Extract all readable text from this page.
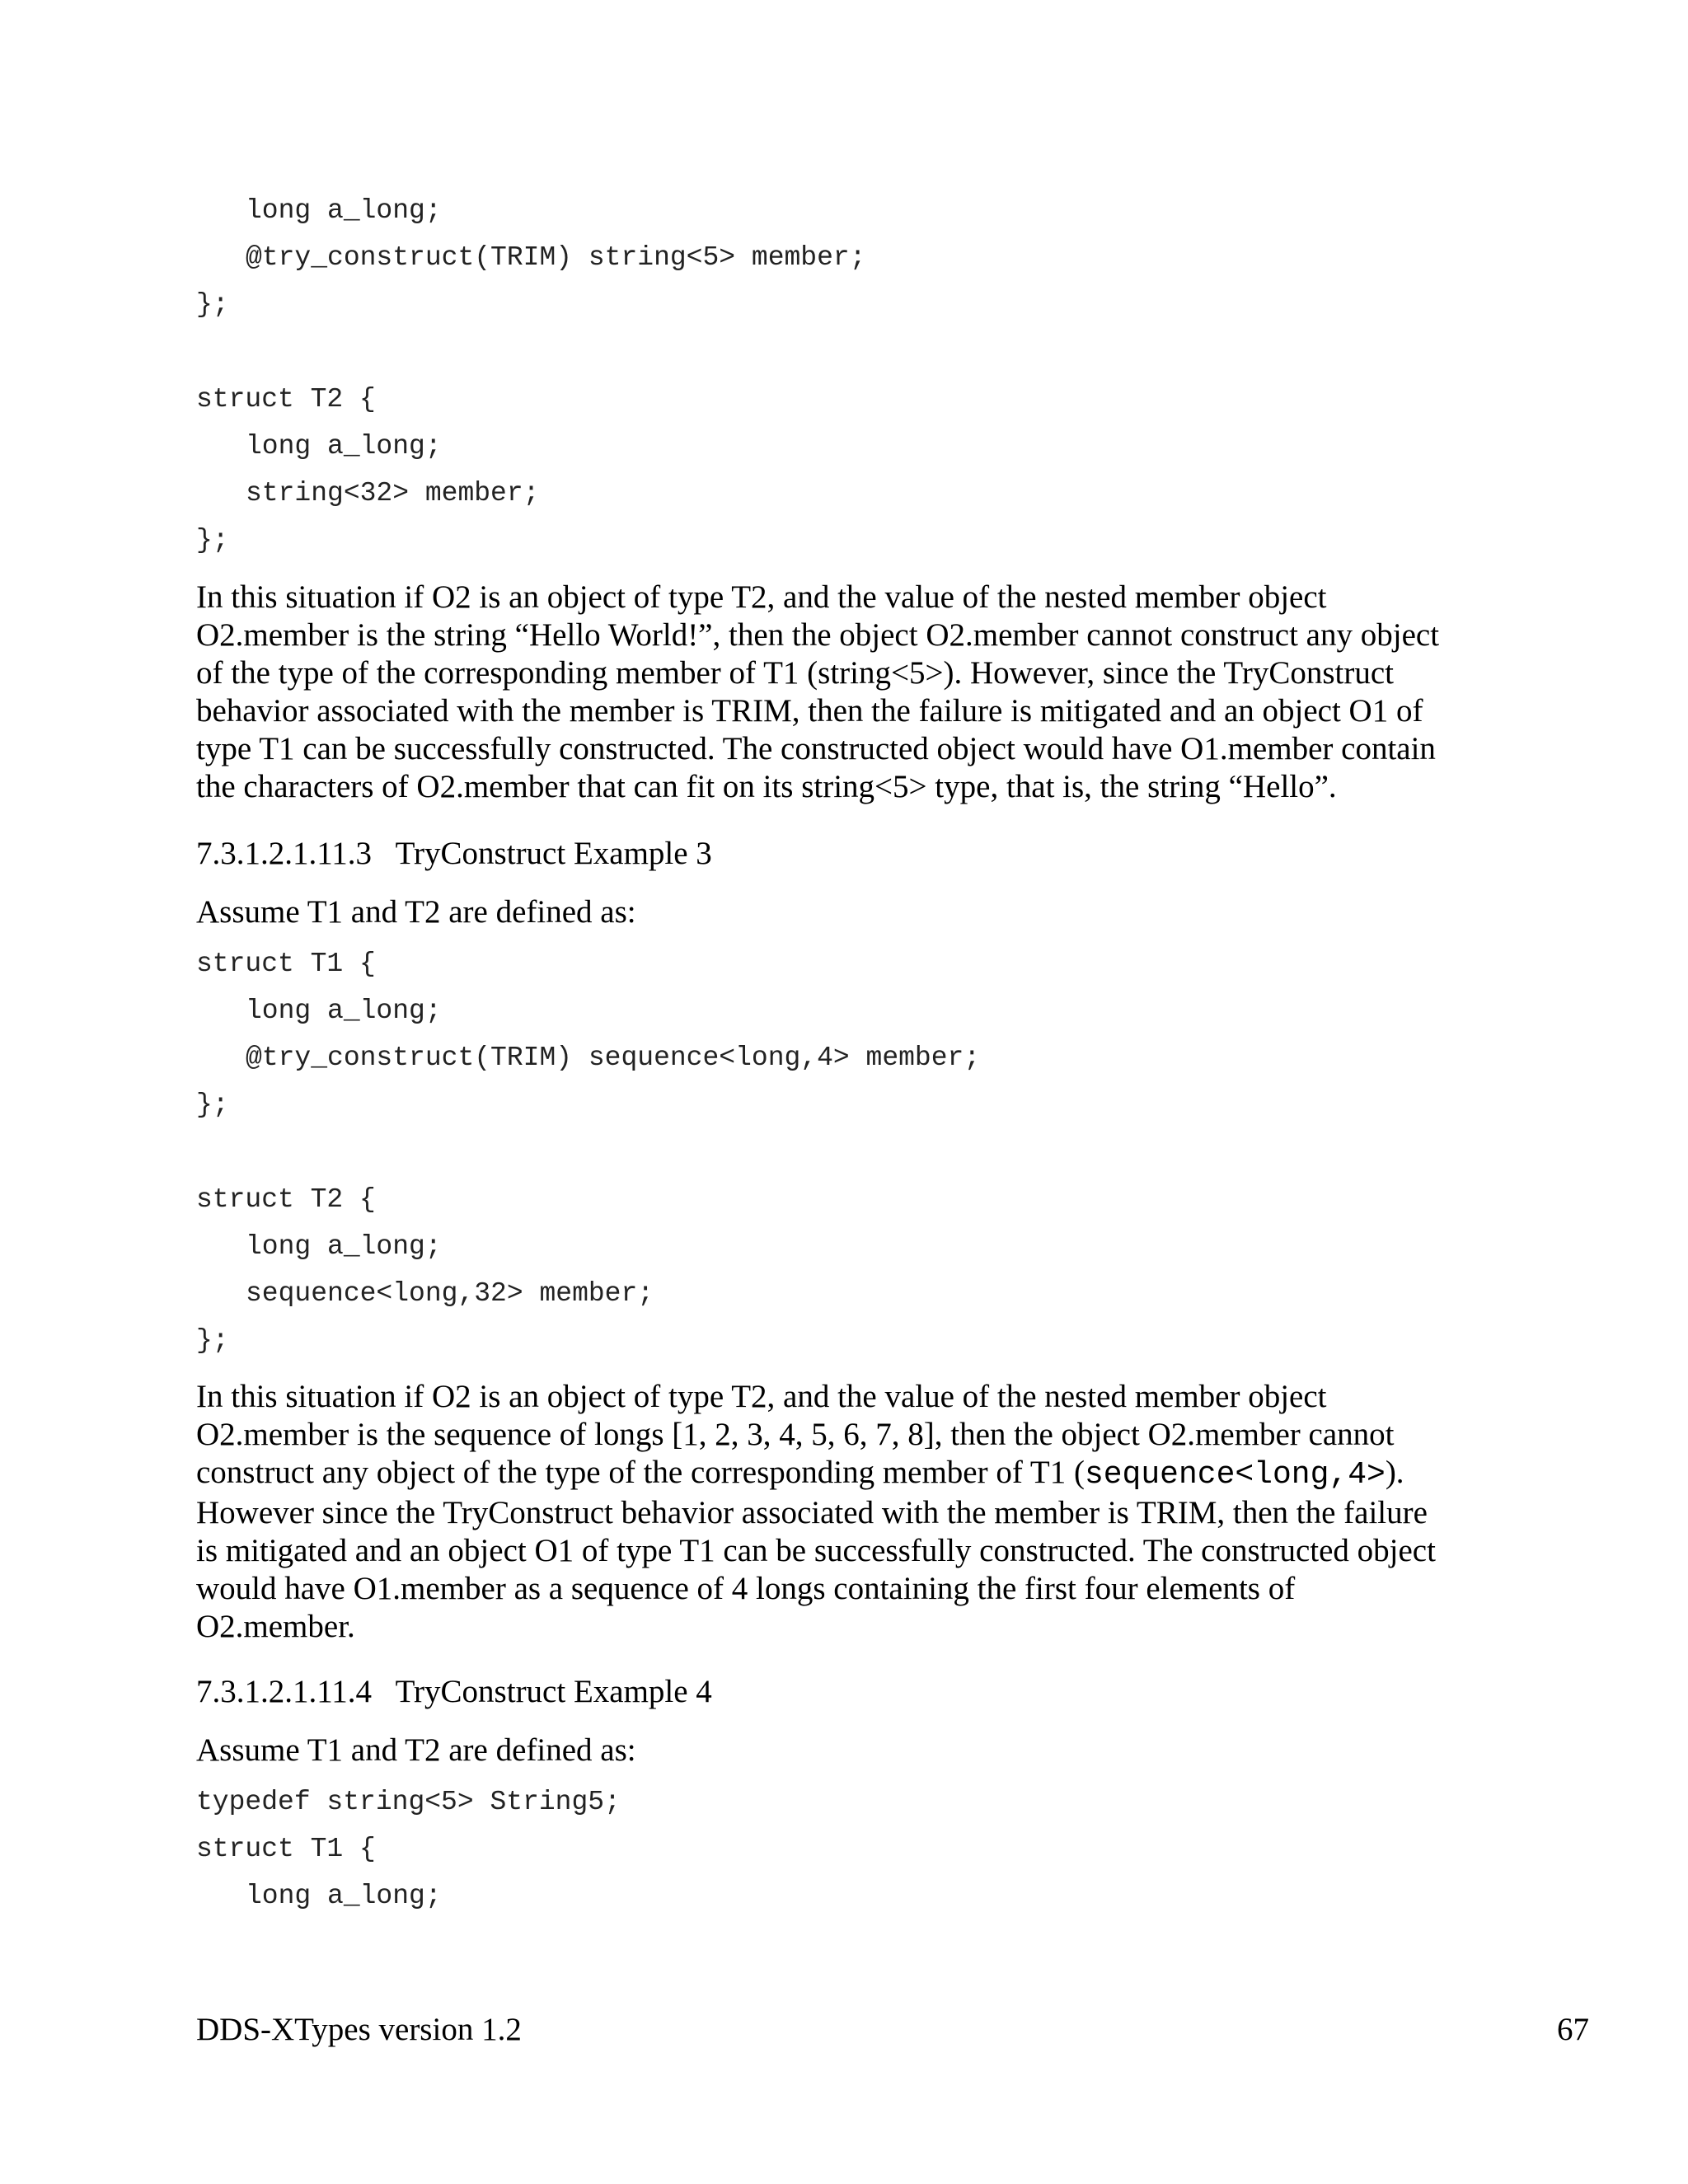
long a_long;
@try_construct(TRIM) string<5> member;
};
struct T2 {
long a_long;
string<32> member;
};

In this situation if O2 is an object of type T2, and the value of the nested member object

O2.member is the string “Hello World!”, then the object O2.member cannot construct any object

of the type of the corresponding member of T1 (string<5>). However, since the TryConstruct

behavior associated with the member is TRIM, then the failure is mitigated and an object O1 of

type T1 can be successfully constructed. The constructed object would have O1.member contain

the characters of O2.member that can fit on its string<5> type, that is, the string “Hello”.

7.3.1.2.1.11.3   TryConstruct Example 3
Assume T1 and T2 are defined as:
struct T1 {
long a_long;
@try_construct(TRIM) sequence<long,4> member;
};
struct T2 {
long a_long;
sequence<long,32> member;
};

In this situation if O2 is an object of type T2, and the value of the nested member object

O2.member is the sequence of longs [1, 2, 3, 4, 5, 6, 7, 8], then the object O2.member cannot

construct any object of the type of the corresponding member of T1 (sequence<long,4>).

However since the TryConstruct behavior associated with the member is TRIM, then the failure

is mitigated and an object O1 of type T1 can be successfully constructed. The constructed object

would have O1.member as a sequence of 4 longs containing the first four elements of

O2.member.

7.3.1.2.1.11.4   TryConstruct Example 4
Assume T1 and T2 are defined as:
typedef string<5> String5;
struct T1 {
long a_long;
DDS-XTypes version 1.2	67
